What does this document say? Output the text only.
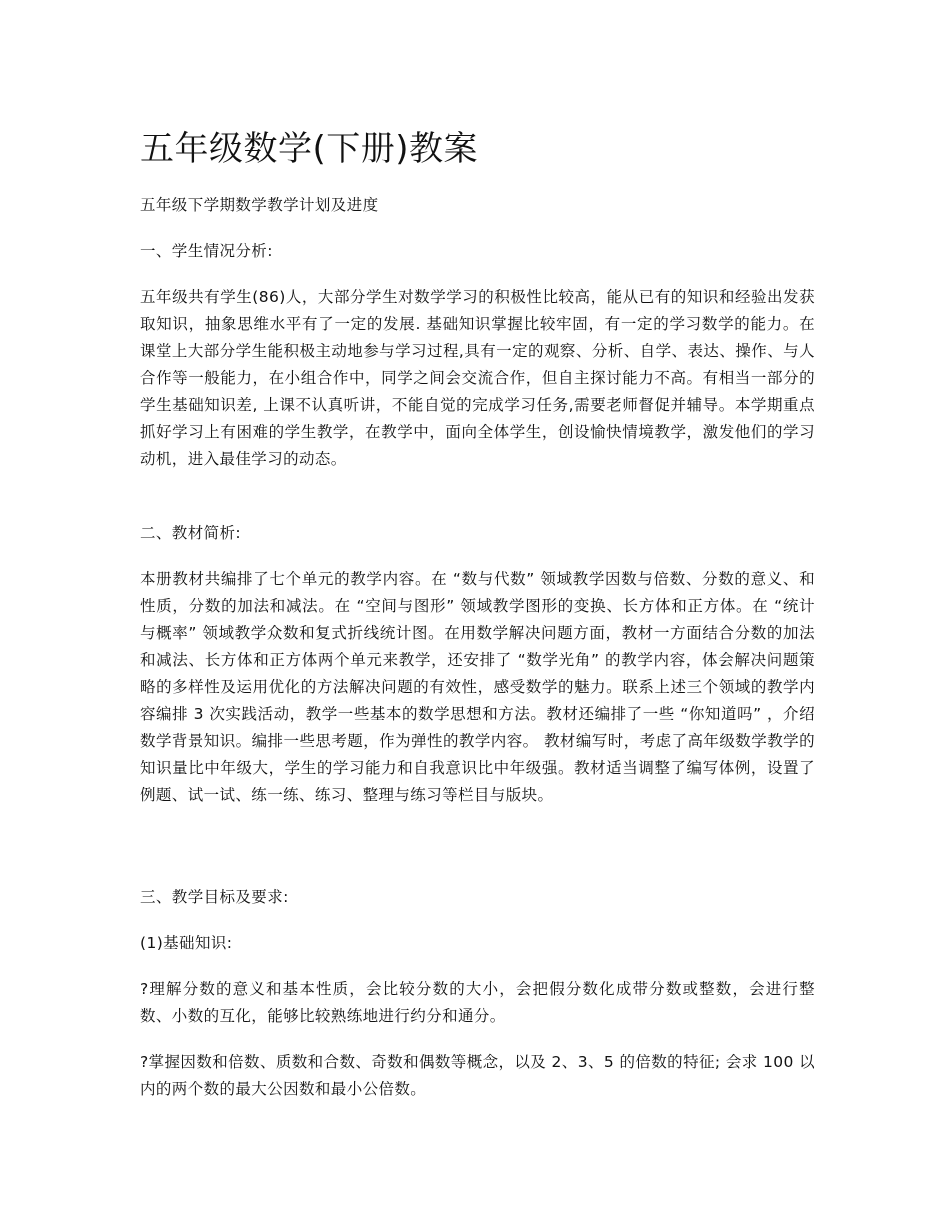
五年级数学(下册)教案

五年级下学期数学教学计划及进度

一、学生情况分析:

五年级共有学生(86)人，大部分学生对数学学习的积极性比较高，能从已有的知识和经验出发获取知识，抽象思维水平有了一定的发展. 基础知识掌握比较牢固，有一定的学习数学的能力。在课堂上大部分学生能积极主动地参与学习过程,具有一定的观察、分析、自学、表达、操作、与人合作等一般能力，在小组合作中，同学之间会交流合作，但自主探讨能力不高。有相当一部分的学生基础知识差, 上课不认真听讲，不能自觉的完成学习任务,需要老师督促并辅导。本学期重点抓好学习上有困难的学生教学，在教学中，面向全体学生，创设愉快情境教学，激发他们的学习动机，进入最佳学习的动态。

二、教材简析:

本册教材共编排了七个单元的教学内容。在 “数与代数” 领域教学因数与倍数、分数的意义、和性质，分数的加法和减法。在 “空间与图形” 领域教学图形的变换、长方体和正方体。在 “统计与概率” 领域教学众数和复式折线统计图。在用数学解决问题方面，教材一方面结合分数的加法和减法、长方体和正方体两个单元来教学，还安排了 “数学光角” 的教学内容，体会解决问题策略的多样性及运用优化的方法解决问题的有效性，感受数学的魅力。联系上述三个领域的教学内容编排 3 次实践活动，教学一些基本的数学思想和方法。教材还编排了一些 “你知道吗” ，介绍数学背景知识。编排一些思考题，作为弹性的教学内容。 教材编写时，考虑了高年级数学教学的知识量比中年级大，学生的学习能力和自我意识比中年级强。教材适当调整了编写体例，设置了例题、试一试、练一练、练习、整理与练习等栏目与版块。

三、教学目标及要求:

(1)基础知识:

?理解分数的意义和基本性质，会比较分数的大小，会把假分数化成带分数或整数，会进行整数、小数的互化，能够比较熟练地进行约分和通分。

?掌握因数和倍数、质数和合数、奇数和偶数等概念，以及 2、3、5 的倍数的特征; 会求 100 以内的两个数的最大公因数和最小公倍数。
